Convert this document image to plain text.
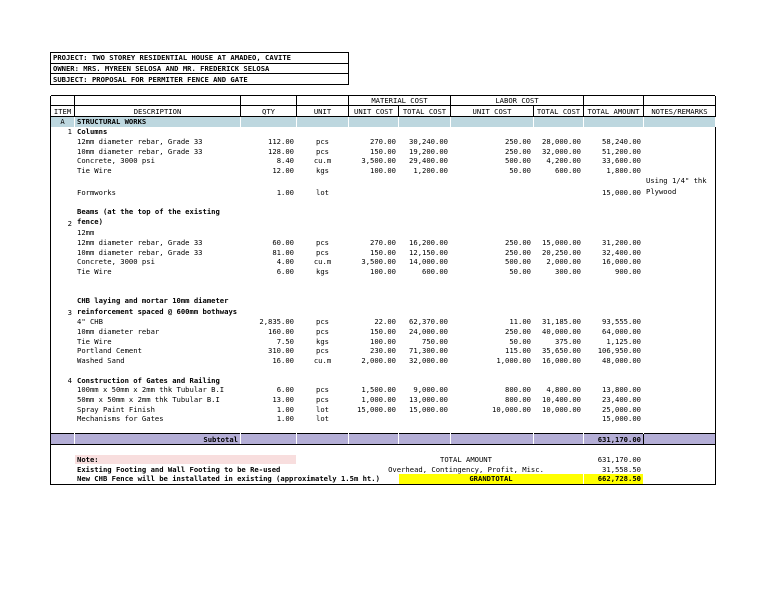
PROJECT: TWO STOREY RESIDENTIAL HOUSE AT AMADEO, CAVITE									
OWNER: MRS. MYREEN SELOSA AND MR. FREDERICK SELOSA									
SUBJECT: PROPOSAL FOR PERMITER FENCE AND GATE									

				MATERIAL COST		LABOR COST			
ITEM	DESCRIPTION	QTY	UNIT	UNIT COST	TOTAL COST	UNIT COST	TOTAL COST	TOTAL AMOUNT	NOTES/REMARKS
A	STRUCTURAL WORKS								
1	Columns								
	12mm diameter rebar, Grade 33	112.00	pcs	270.00	30,240.00	250.00	28,000.00	58,240.00	
	10mm diameter rebar, Grade 33	128.00	pcs	150.00	19,200.00	250.00	32,000.00	51,200.00	
	Concrete, 3000 psi	8.40	cu.m	3,500.00	29,400.00	500.00	4,200.00	33,600.00	
	Tie Wire	12.00	kgs	100.00	1,200.00	50.00	600.00	1,800.00	
	Formworks	1.00	lot					15,000.00	Using 1/4" thk Plywood

2	Beams (at the top of the existing fence)								
	12mm								
	12mm diameter rebar, Grade 33	60.00	pcs	270.00	16,200.00	250.00	15,000.00	31,200.00	
	10mm diameter rebar, Grade 33	81.00	pcs	150.00	12,150.00	250.00	20,250.00	32,400.00	
	Concrete, 3000 psi	4.00	cu.m	3,500.00	14,000.00	500.00	2,000.00	16,000.00	
	Tie Wire	6.00	kgs	100.00	600.00	50.00	300.00	900.00	

3	CHB laying and mortar 10mm diameter reinforcement spaced @ 600mm bothways								
	4" CHB	2,835.00	pcs	22.00	62,370.00	11.00	31,185.00	93,555.00	
	10mm diameter rebar	160.00	pcs	150.00	24,000.00	250.00	40,000.00	64,000.00	
	Tie Wire	7.50	kgs	100.00	750.00	50.00	375.00	1,125.00	
	Portland Cement	310.00	pcs	230.00	71,300.00	115.00	35,650.00	106,950.00	
	Washed Sand	16.00	cu.m	2,000.00	32,000.00	1,000.00	16,000.00	48,000.00	

4	Construction of Gates and Railing								
	100mm x 50mm x 2mm thk Tubular B.I	6.00	pcs	1,500.00	9,000.00	800.00	4,800.00	13,800.00	
	50mm x 50mm x 2mm thk Tubular B.I	13.00	pcs	1,000.00	13,000.00	800.00	10,400.00	23,400.00	
	Spray Paint Finish	1.00	lot	15,000.00	15,000.00	10,000.00	10,000.00	25,000.00	
	Mechanisms for Gates	1.00	lot					15,000.00	

	Subtotal							631,170.00	

	Note:			TOTAL AMOUNT				631,170.00	
	Existing Footing and Wall Footing to be Re-used			Overhead, Contingency, Profit, Misc.				31,558.50	
	New CHB Fence will be installated in existing (approximately 1.5m ht.)				GRANDTOTAL			662,728.50	
